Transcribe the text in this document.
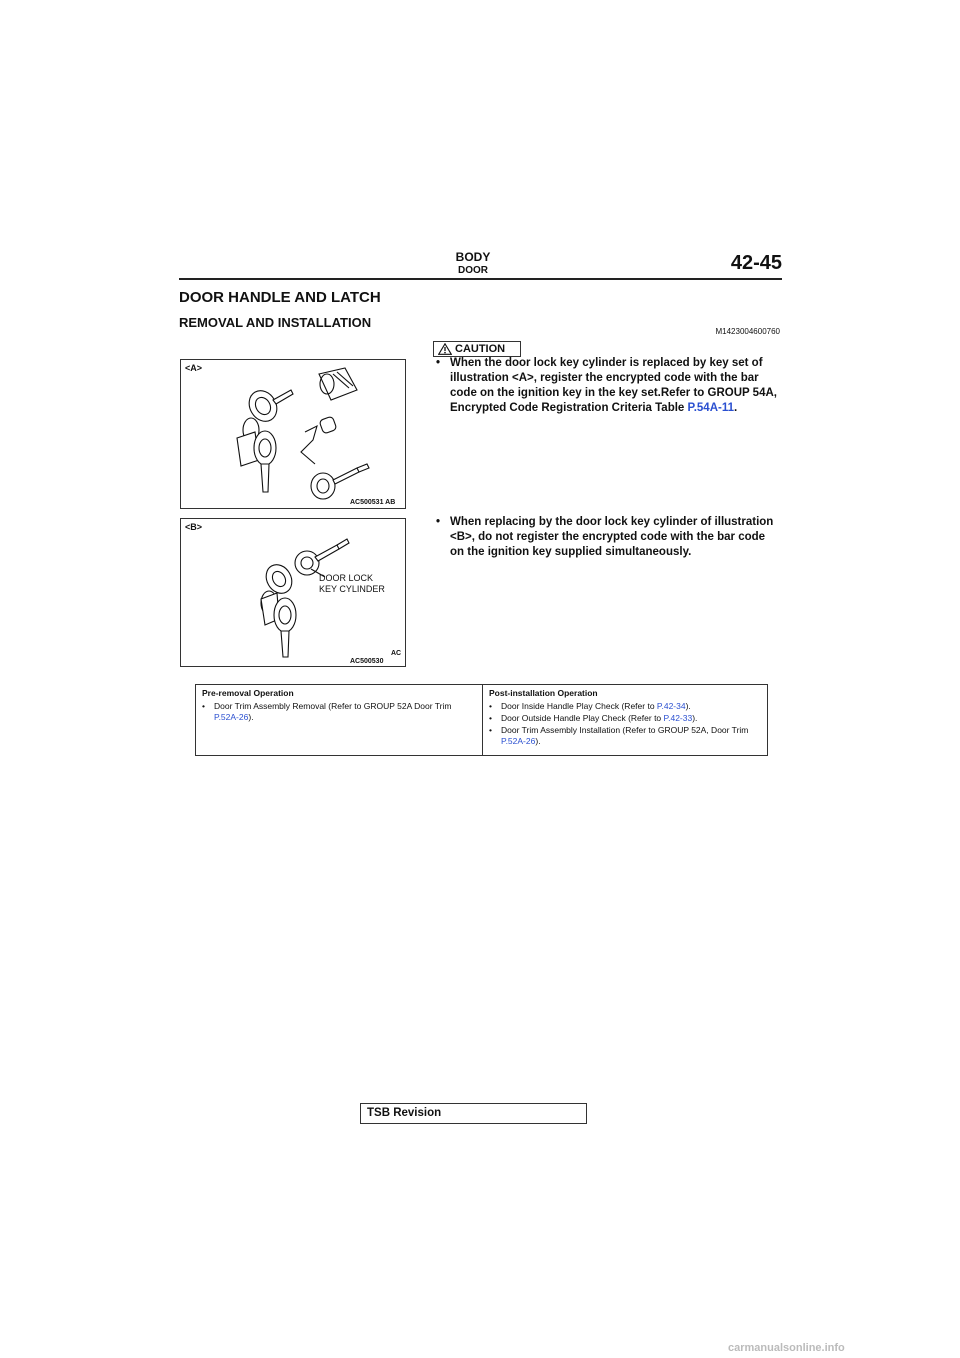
BODY
DOOR	42-45
DOOR HANDLE AND LATCH
REMOVAL AND INSTALLATION
M1423004600760
CAUTION
<A>
AC500531 AB
<B>
DOOR LOCK
KEY CYLINDER
AC500530
AC
• When the door lock key cylinder is replaced by key set of illustration <A>, register the encrypted code with the bar code on the ignition key in the key set.Refer to GROUP 54A, Encrypted Code Registration Criteria Table P.54A-11.
• When replacing by the door lock key cylinder of illustration <B>, do not register the encrypted code with the bar code on the ignition key supplied simultaneously.
Pre-removal Operation
• Door Trim Assembly Removal (Refer to GROUP 52A Door Trim P.52A-26).
Post-installation Operation
• Door Inside Handle Play Check (Refer to P.42-34).
• Door Outside Handle Play Check (Refer to P.42-33).
• Door Trim Assembly Installation (Refer to GROUP 52A, Door Trim P.52A-26).
TSB Revision
carmanualsonline.info
